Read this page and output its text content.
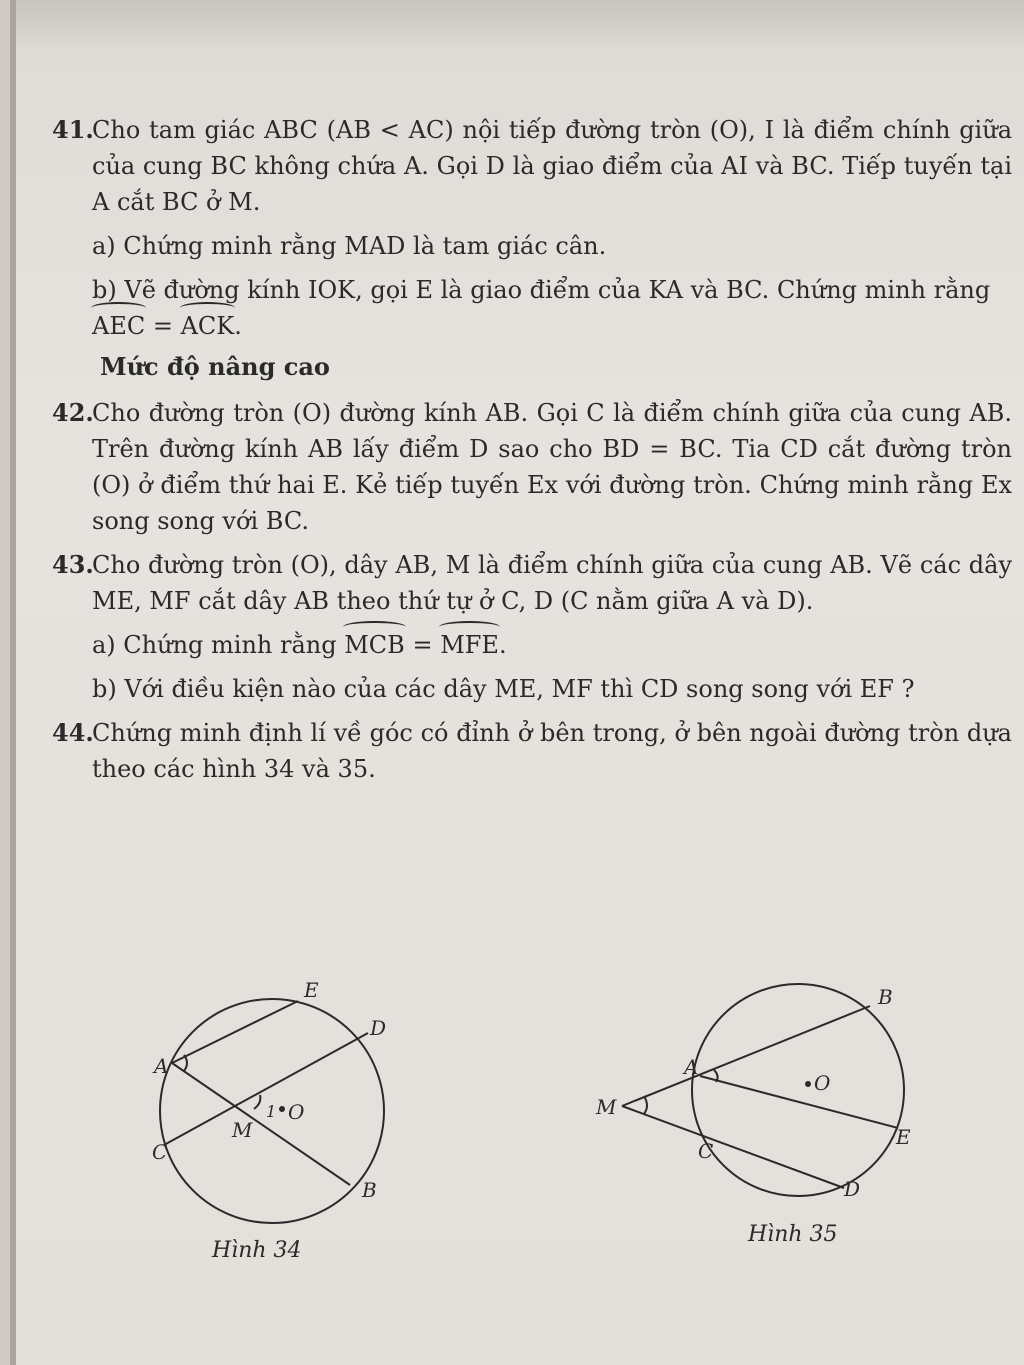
41.
Cho tam giác ABC (AB < AC) nội tiếp đường tròn (O), I là điểm chính giữa của cung BC không chứa A. Gọi D là giao điểm của AI và BC. Tiếp tuyến tại A cắt BC ở M.
a) Chứng minh rằng MAD là tam giác cân.
b) Vẽ đường kính IOK, gọi E là giao điểm của KA và BC. Chứng minh rằng
AEC = ACK.
Mức độ nâng cao
42.
Cho đường tròn (O) đường kính AB. Gọi C là điểm chính giữa của cung AB. Trên đường kính AB lấy điểm D sao cho BD = BC. Tia CD cắt đường tròn (O) ở điểm thứ hai E. Kẻ tiếp tuyến Ex với đường tròn. Chứng minh rằng Ex song song với BC.
43.
Cho đường tròn (O), dây AB, M là điểm chính giữa của cung AB. Vẽ các dây ME, MF cắt dây AB theo thứ tự ở C, D (C nằm giữa A và D).
a) Chứng minh rằng MCB = MFE.
b) Với điều kiện nào của các dây ME, MF thì CD song song với EF ?
44.
Chứng minh định lí về góc có đỉnh ở bên trong, ở bên ngoài đường tròn dựa theo các hình 34 và 35.
E
D
A
C
M
1 O
B
Hình 34
B
A
O
M
E
C
D
Hình 35
